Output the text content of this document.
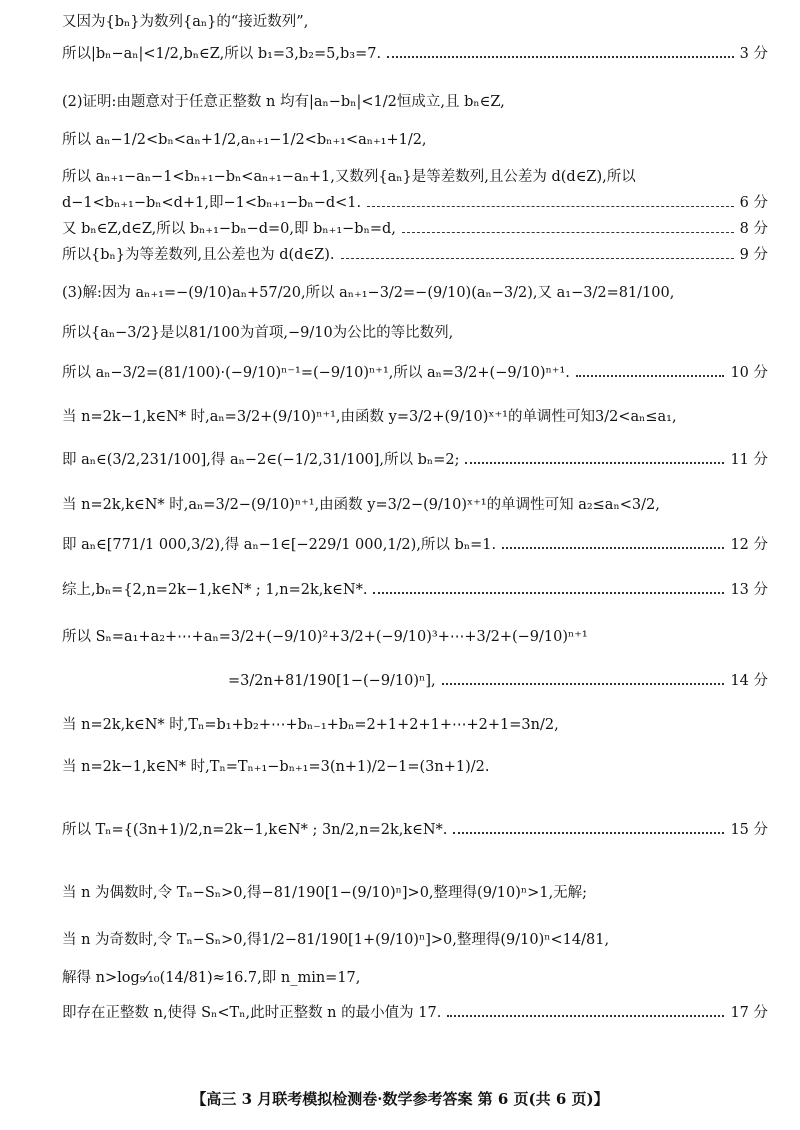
又因为{bₙ}为数列{aₙ}的“接近数列”,
所以|bₙ−aₙ|<1/2,bₙ∈Z,所以 b₁=3,b₂=5,b₃=7.	3 分
(2)证明:由题意对于任意正整数 n 均有|aₙ−bₙ|<1/2恒成立,且 bₙ∈Z,
所以 aₙ−1/2<bₙ<aₙ+1/2,aₙ₊₁−1/2<bₙ₊₁<aₙ₊₁+1/2,
所以 aₙ₊₁−aₙ−1<bₙ₊₁−bₙ<aₙ₊₁−aₙ+1,又数列{aₙ}是等差数列,且公差为 d(d∈Z),所以
d−1<bₙ₊₁−bₙ<d+1,即−1<bₙ₊₁−bₙ−d<1.	6 分
又 bₙ∈Z,d∈Z,所以 bₙ₊₁−bₙ−d=0,即 bₙ₊₁−bₙ=d,	8 分
所以{bₙ}为等差数列,且公差也为 d(d∈Z).	9 分
(3)解:因为 aₙ₊₁=−(9/10)aₙ+57/20,所以 aₙ₊₁−3/2=−(9/10)(aₙ−3/2),又 a₁−3/2=81/100,
所以{aₙ−3/2}是以81/100为首项,−9/10为公比的等比数列,
所以 aₙ−3/2=(81/100)·(−9/10)ⁿ⁻¹=(−9/10)ⁿ⁺¹,所以 aₙ=3/2+(−9/10)ⁿ⁺¹.	10 分
当 n=2k−1,k∈N* 时,aₙ=3/2+(9/10)ⁿ⁺¹,由函数 y=3/2+(9/10)ˣ⁺¹的单调性可知3/2<aₙ≤a₁,
即 aₙ∈(3/2,231/100],得 aₙ−2∈(−1/2,31/100],所以 bₙ=2;	11 分
当 n=2k,k∈N* 时,aₙ=3/2−(9/10)ⁿ⁺¹,由函数 y=3/2−(9/10)ˣ⁺¹的单调性可知 a₂≤aₙ<3/2,
即 aₙ∈[771/1 000,3/2),得 aₙ−1∈[−229/1 000,1/2),所以 bₙ=1.	12 分
综上,bₙ={2,n=2k−1,k∈N* ; 1,n=2k,k∈N*.	13 分
所以 Sₙ=a₁+a₂+⋯+aₙ=3/2+(−9/10)²+3/2+(−9/10)³+⋯+3/2+(−9/10)ⁿ⁺¹
=3/2n+81/190[1−(−9/10)ⁿ],	14 分
当 n=2k,k∈N* 时,Tₙ=b₁+b₂+⋯+bₙ₋₁+bₙ=2+1+2+1+⋯+2+1=3n/2,
当 n=2k−1,k∈N* 时,Tₙ=Tₙ₊₁−bₙ₊₁=3(n+1)/2−1=(3n+1)/2.
所以 Tₙ={(3n+1)/2,n=2k−1,k∈N* ; 3n/2,n=2k,k∈N*.	15 分
当 n 为偶数时,令 Tₙ−Sₙ>0,得−81/190[1−(9/10)ⁿ]>0,整理得(9/10)ⁿ>1,无解;
当 n 为奇数时,令 Tₙ−Sₙ>0,得1/2−81/190[1+(9/10)ⁿ]>0,整理得(9/10)ⁿ<14/81,
解得 n>log₉⁄₁₀(14/81)≈16.7,即 n_min=17,
即存在正整数 n,使得 Sₙ<Tₙ,此时正整数 n 的最小值为 17.	17 分
【高三 3 月联考模拟检测卷·数学参考答案 第 6 页(共 6 页)】
